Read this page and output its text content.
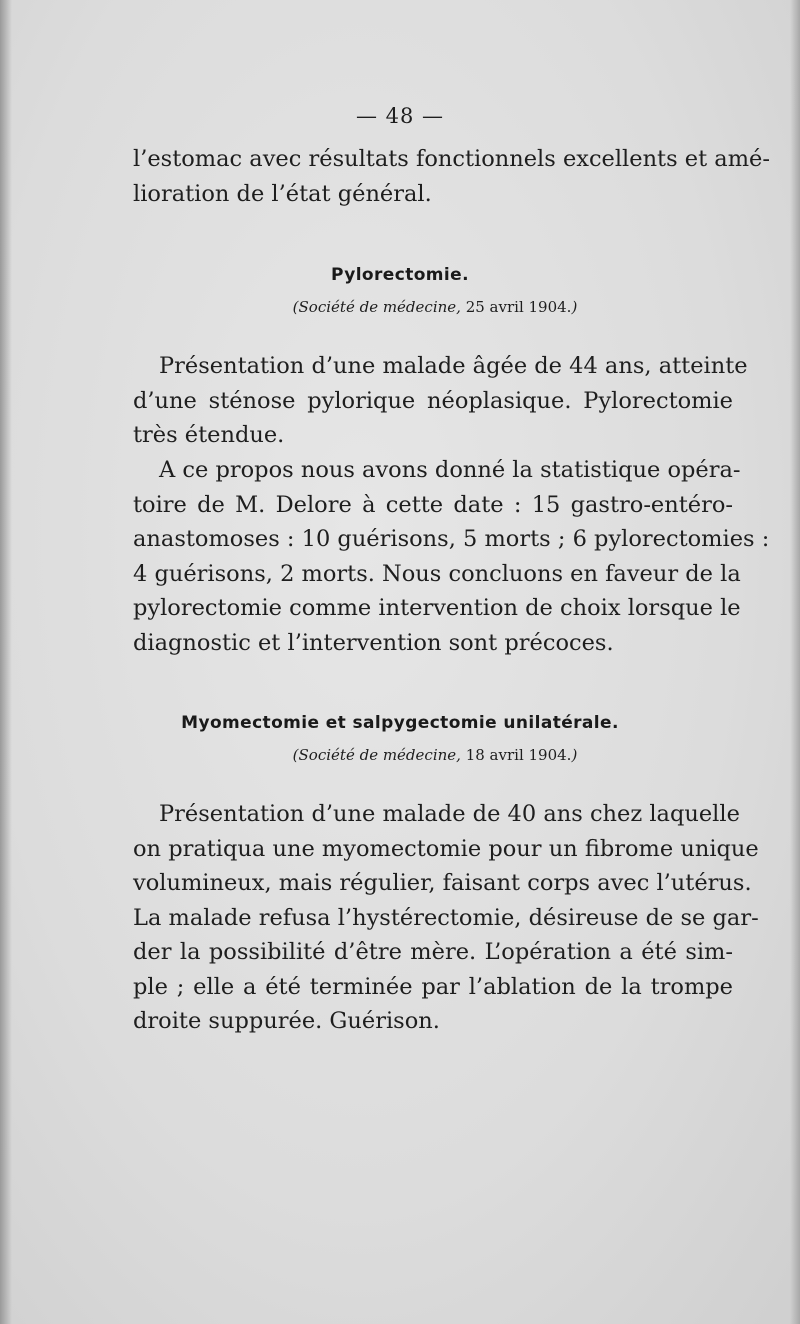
— 48 —
l’estomac avec résultats fonctionnels excellents et amé-
lioration de l’état général.
Pylorectomie.
(Société de médecine, 25 avril 1904.)
Présentation d’une malade âgée de 44 ans, atteinte
d’une sténose pylorique néoplasique. Pylorectomie
très étendue.
A ce propos nous avons donné la statistique opéra-
toire de M. Delore à cette date : 15 gastro-entéro-
anastomoses : 10 guérisons, 5 morts ; 6 pylorectomies :
4 guérisons, 2 morts. Nous concluons en faveur de la
pylorectomie comme intervention de choix lorsque le
diagnostic et l’intervention sont précoces.
Myomectomie et salpygectomie unilatérale.
(Société de médecine, 18 avril 1904.)
Présentation d’une malade de 40 ans chez laquelle
on pratiqua une myomectomie pour un fibrome unique
volumineux, mais régulier, faisant corps avec l’utérus.
La malade refusa l’hystérectomie, désireuse de se gar-
der la possibilité d’être mère. L’opération a été sim-
ple ; elle a été terminée par l’ablation de la trompe
droite suppurée. Guérison.
